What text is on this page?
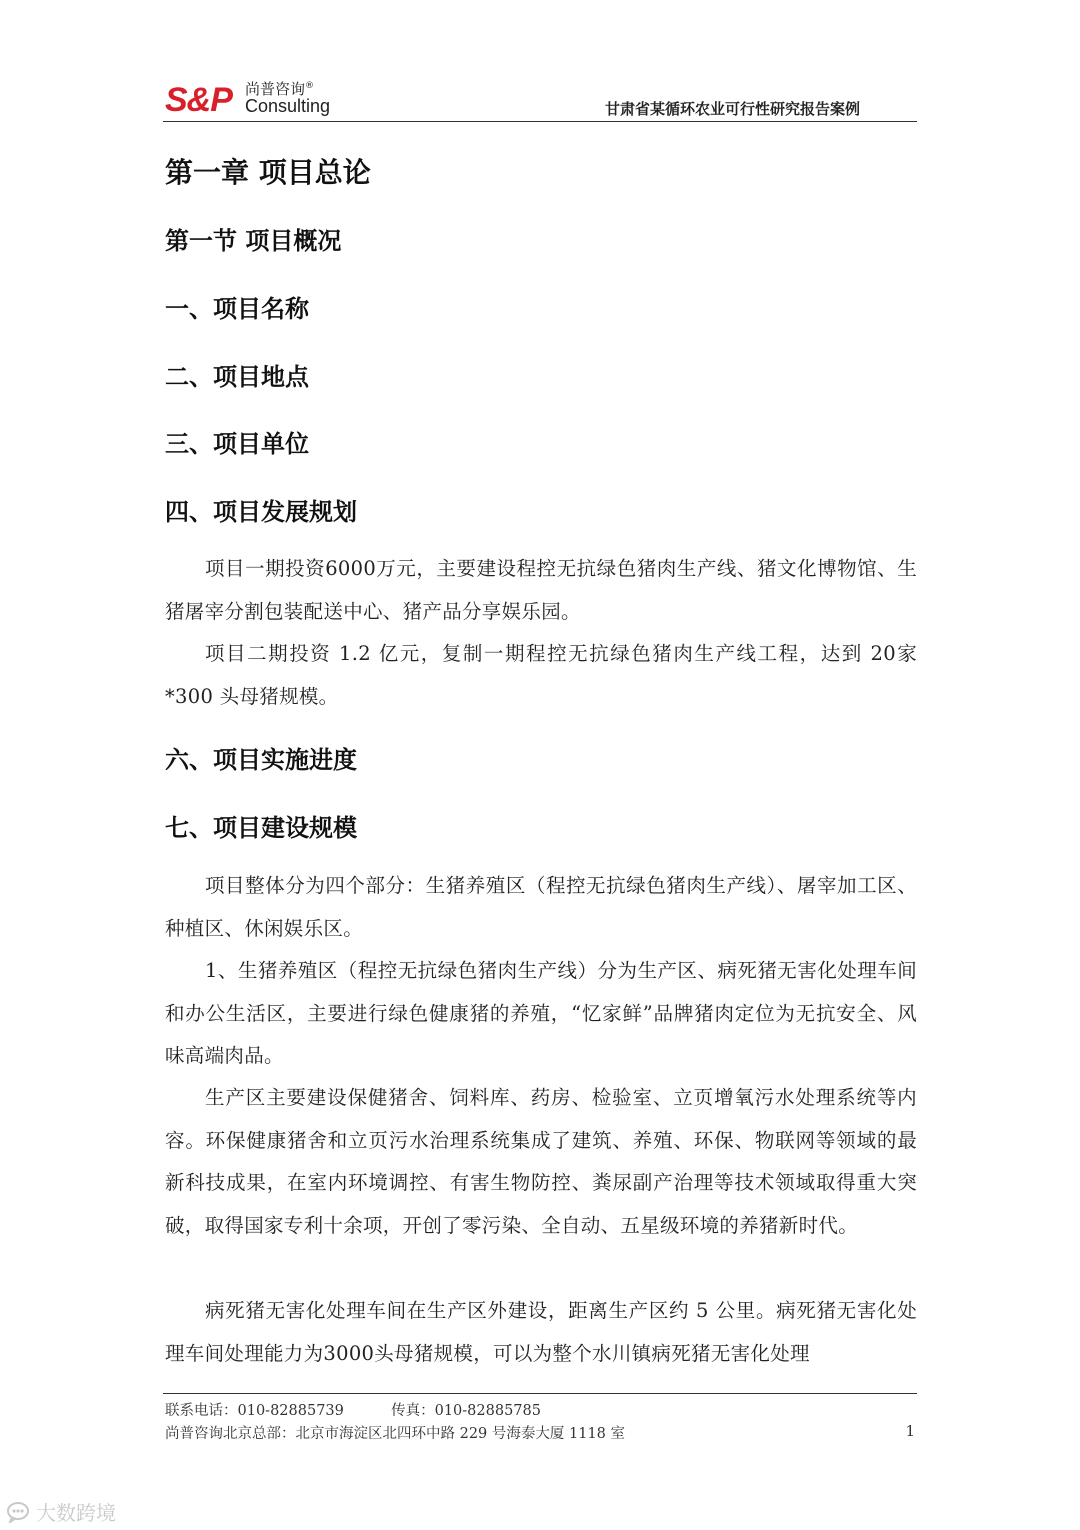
S&P 尚普咨询®
Consulting	甘肃省某循环农业可行性研究报告案例
第一章 项目总论
第一节 项目概况
一、项目名称
二、项目地点
三、项目单位
四、项目发展规划
项目一期投资6000万元，主要建设程控无抗绿色猪肉生产线、猪文化博物馆、生猪屠宰分割包装配送中心、猪产品分享娱乐园。
项目二期投资 1.2 亿元，复制一期程控无抗绿色猪肉生产线工程，达到 20家*300 头母猪规模。
六、项目实施进度
七、项目建设规模
项目整体分为四个部分：生猪养殖区（程控无抗绿色猪肉生产线）、屠宰加工区、种植区、休闲娱乐区。
1、生猪养殖区（程控无抗绿色猪肉生产线）分为生产区、病死猪无害化处理车间和办公生活区，主要进行绿色健康猪的养殖，“忆家鲜”品牌猪肉定位为无抗安全、风味高端肉品。
生产区主要建设保健猪舍、饲料库、药房、检验室、立页增氧污水处理系统等内容。环保健康猪舍和立页污水治理系统集成了建筑、养殖、环保、物联网等领域的最新科技成果，在室内环境调控、有害生物防控、粪尿副产治理等技术领域取得重大突破，取得国家专利十余项，开创了零污染、全自动、五星级环境的养猪新时代。
病死猪无害化处理车间在生产区外建设，距离生产区约 5 公里。病死猪无害化处理车间处理能力为3000头母猪规模，可以为整个水川镇病死猪无害化处理
联系电话：010-82885739	传真：010-82885785
尚普咨询北京总部：北京市海淀区北四环中路 229 号海泰大厦 1118 室	1
大数跨境
